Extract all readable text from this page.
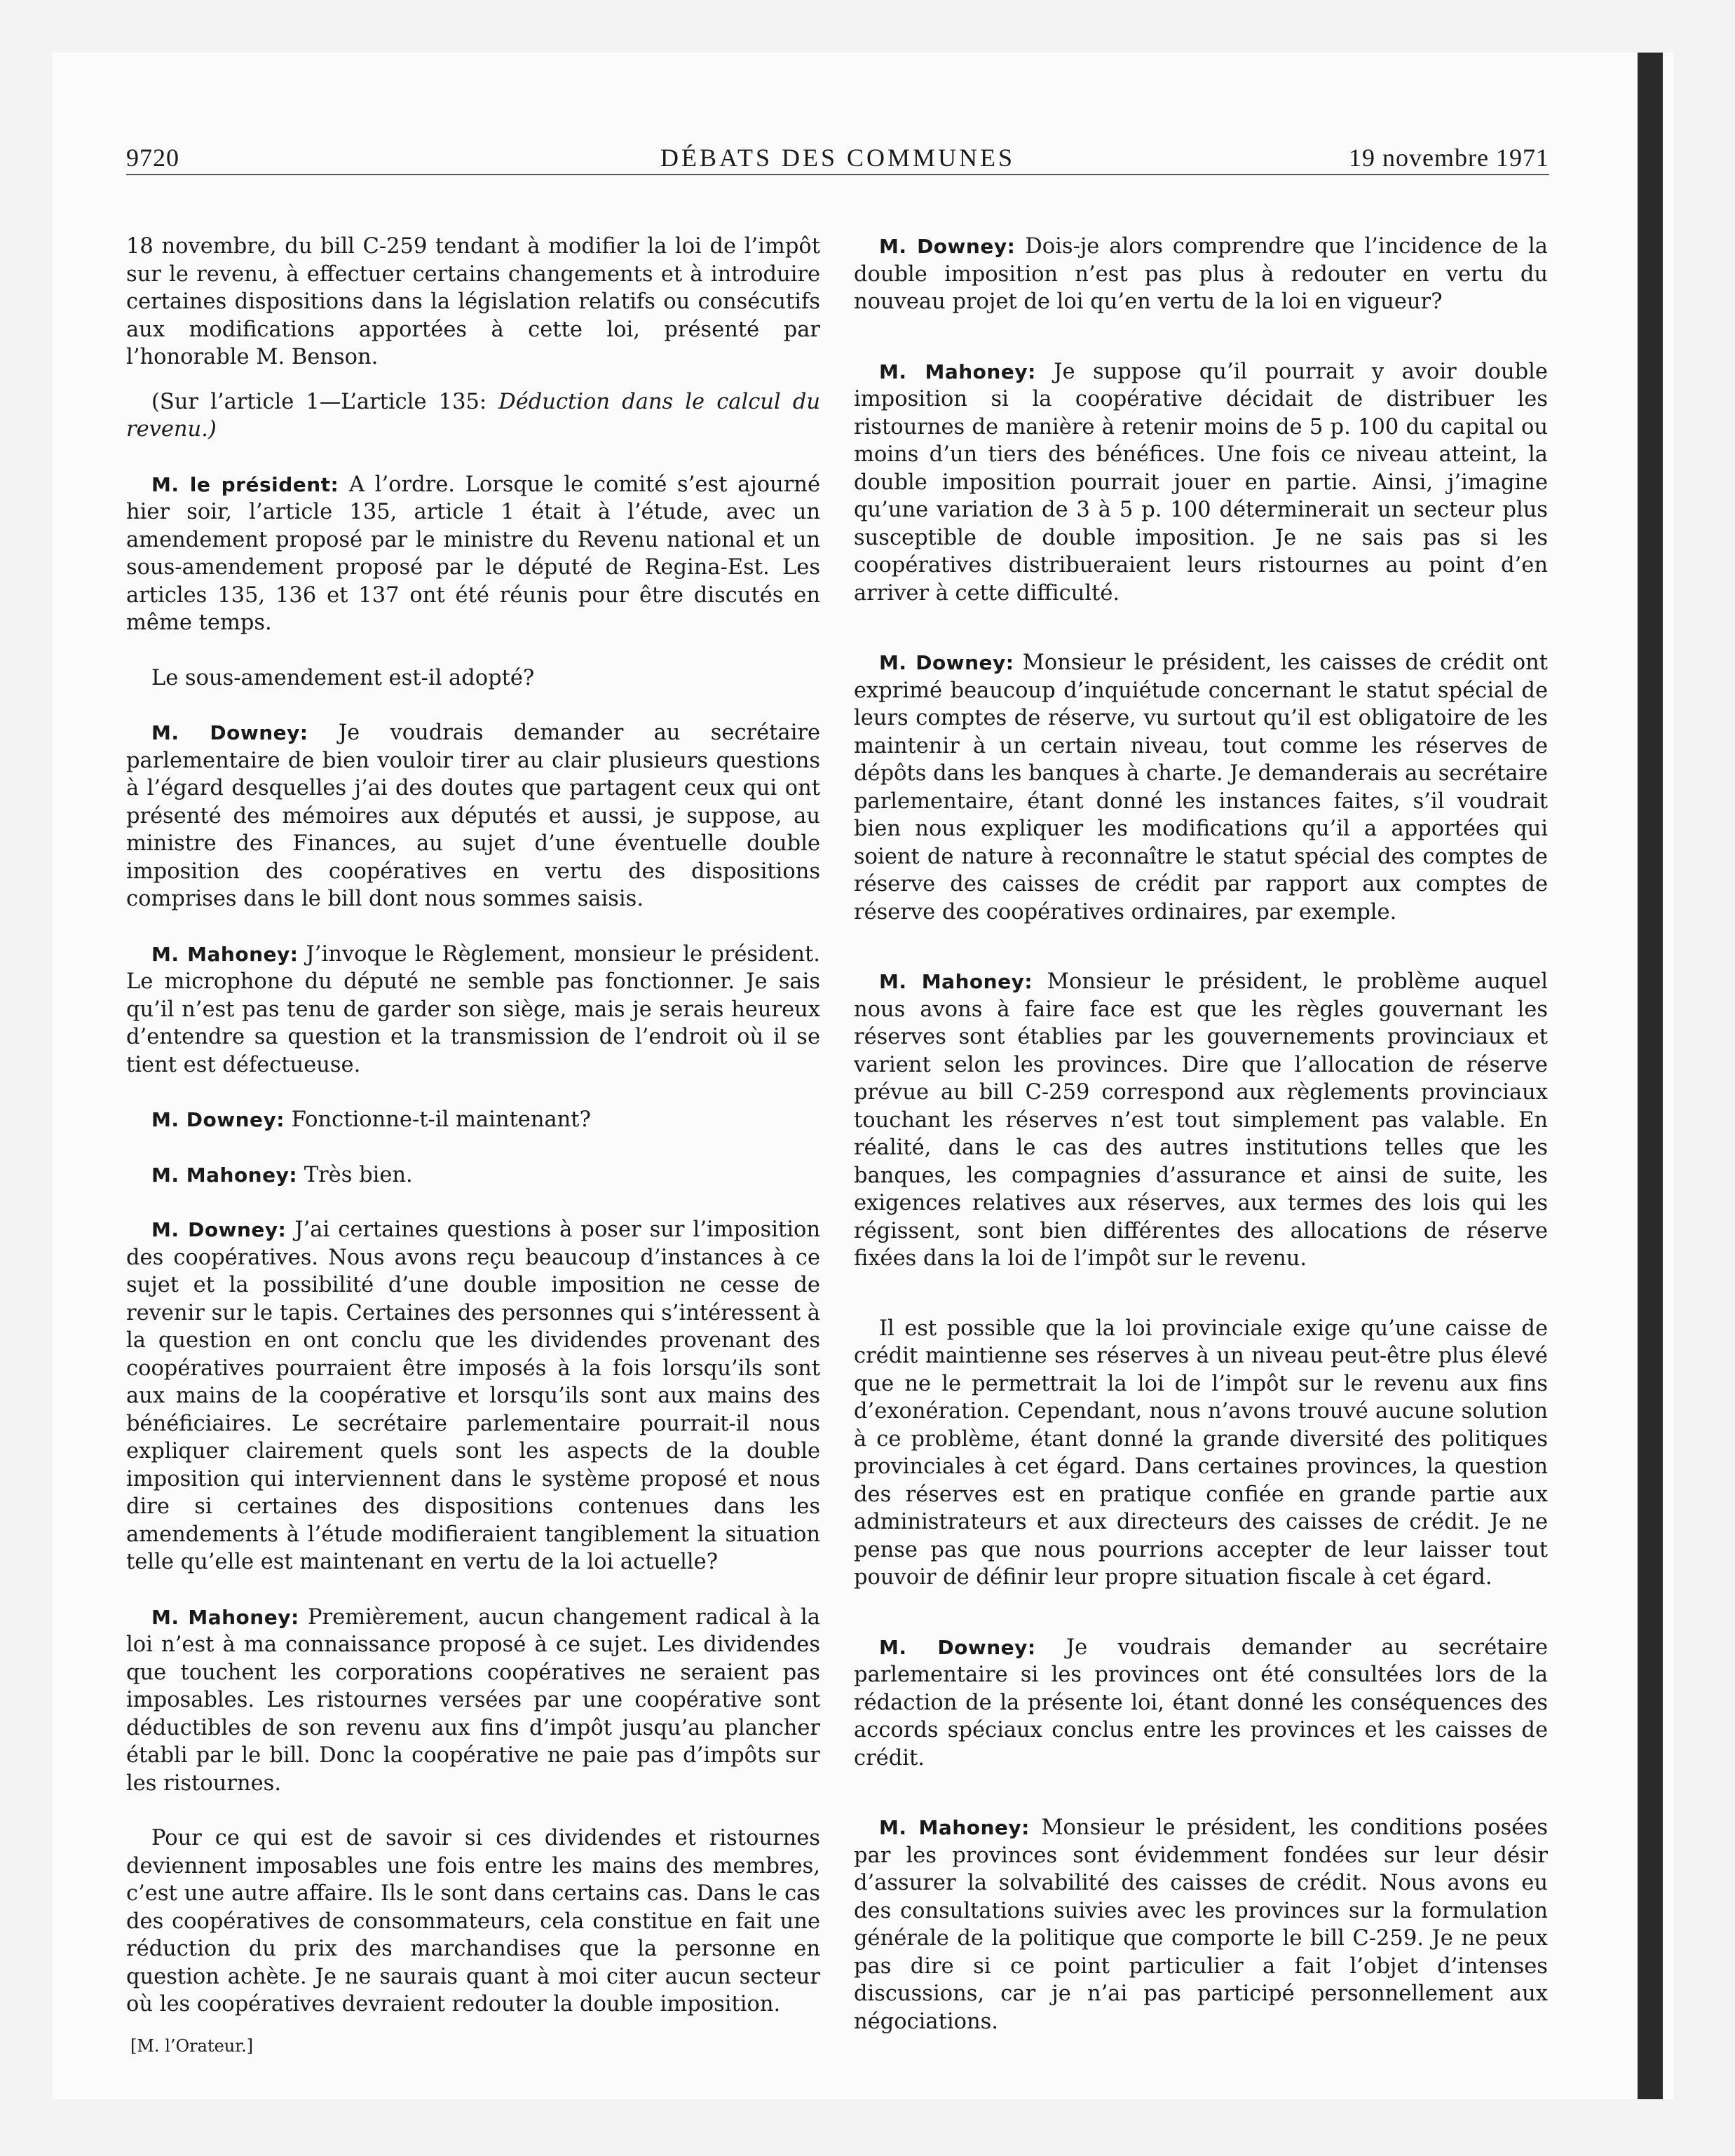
9720	DÉBATS DES COMMUNES	19 novembre 1971

18 novembre, du bill C-259 tendant à modifier la loi de l’impôt sur le revenu, à effectuer certains changements et à introduire certaines dispositions dans la législation relatifs ou consécutifs aux modifications apportées à cette loi, présenté par l’honorable M. Benson.

(Sur l’article 1—L’article 135: Déduction dans le calcul du revenu.)

M. le président: A l’ordre. Lorsque le comité s’est ajourné hier soir, l’article 135, article 1 était à l’étude, avec un amendement proposé par le ministre du Revenu national et un sous-amendement proposé par le député de Regina-Est. Les articles 135, 136 et 137 ont été réunis pour être discutés en même temps.

Le sous-amendement est-il adopté?

M. Downey: Je voudrais demander au secrétaire parlementaire de bien vouloir tirer au clair plusieurs questions à l’égard desquelles j’ai des doutes que partagent ceux qui ont présenté des mémoires aux députés et aussi, je suppose, au ministre des Finances, au sujet d’une éventuelle double imposition des coopératives en vertu des dispositions comprises dans le bill dont nous sommes saisis.

M. Mahoney: J’invoque le Règlement, monsieur le président. Le microphone du député ne semble pas fonctionner. Je sais qu’il n’est pas tenu de garder son siège, mais je serais heureux d’entendre sa question et la transmission de l’endroit où il se tient est défectueuse.

M. Downey: Fonctionne-t-il maintenant?

M. Mahoney: Très bien.

M. Downey: J’ai certaines questions à poser sur l’imposition des coopératives. Nous avons reçu beaucoup d’instances à ce sujet et la possibilité d’une double imposition ne cesse de revenir sur le tapis. Certaines des personnes qui s’intéressent à la question en ont conclu que les dividendes provenant des coopératives pourraient être imposés à la fois lorsqu’ils sont aux mains de la coopérative et lorsqu’ils sont aux mains des bénéficiaires. Le secrétaire parlementaire pourrait-il nous expliquer clairement quels sont les aspects de la double imposition qui interviennent dans le système proposé et nous dire si certaines des dispositions contenues dans les amendements à l’étude modifieraient tangiblement la situation telle qu’elle est maintenant en vertu de la loi actuelle?

M. Mahoney: Premièrement, aucun changement radical à la loi n’est à ma connaissance proposé à ce sujet. Les dividendes que touchent les corporations coopératives ne seraient pas imposables. Les ristournes versées par une coopérative sont déductibles de son revenu aux fins d’impôt jusqu’au plancher établi par le bill. Donc la coopérative ne paie pas d’impôts sur les ristournes.

Pour ce qui est de savoir si ces dividendes et ristournes deviennent imposables une fois entre les mains des membres, c’est une autre affaire. Ils le sont dans certains cas. Dans le cas des coopératives de consommateurs, cela constitue en fait une réduction du prix des marchandises que la personne en question achète. Je ne saurais quant à moi citer aucun secteur où les coopératives devraient redouter la double imposition.

[M. l’Orateur.]

M. Downey: Dois-je alors comprendre que l’incidence de la double imposition n’est pas plus à redouter en vertu du nouveau projet de loi qu’en vertu de la loi en vigueur?

M. Mahoney: Je suppose qu’il pourrait y avoir double imposition si la coopérative décidait de distribuer les ristournes de manière à retenir moins de 5 p. 100 du capital ou moins d’un tiers des bénéfices. Une fois ce niveau atteint, la double imposition pourrait jouer en partie. Ainsi, j’imagine qu’une variation de 3 à 5 p. 100 déterminerait un secteur plus susceptible de double imposition. Je ne sais pas si les coopératives distribueraient leurs ristournes au point d’en arriver à cette difficulté.

M. Downey: Monsieur le président, les caisses de crédit ont exprimé beaucoup d’inquiétude concernant le statut spécial de leurs comptes de réserve, vu surtout qu’il est obligatoire de les maintenir à un certain niveau, tout comme les réserves de dépôts dans les banques à charte. Je demanderais au secrétaire parlementaire, étant donné les instances faites, s’il voudrait bien nous expliquer les modifications qu’il a apportées qui soient de nature à reconnaître le statut spécial des comptes de réserve des caisses de crédit par rapport aux comptes de réserve des coopératives ordinaires, par exemple.

M. Mahoney: Monsieur le président, le problème auquel nous avons à faire face est que les règles gouvernant les réserves sont établies par les gouvernements provinciaux et varient selon les provinces. Dire que l’allocation de réserve prévue au bill C-259 correspond aux règlements provinciaux touchant les réserves n’est tout simplement pas valable. En réalité, dans le cas des autres institutions telles que les banques, les compagnies d’assurance et ainsi de suite, les exigences relatives aux réserves, aux termes des lois qui les régissent, sont bien différentes des allocations de réserve fixées dans la loi de l’impôt sur le revenu.

Il est possible que la loi provinciale exige qu’une caisse de crédit maintienne ses réserves à un niveau peut-être plus élevé que ne le permettrait la loi de l’impôt sur le revenu aux fins d’exonération. Cependant, nous n’avons trouvé aucune solution à ce problème, étant donné la grande diversité des politiques provinciales à cet égard. Dans certaines provinces, la question des réserves est en pratique confiée en grande partie aux administrateurs et aux directeurs des caisses de crédit. Je ne pense pas que nous pourrions accepter de leur laisser tout pouvoir de définir leur propre situation fiscale à cet égard.

M. Downey: Je voudrais demander au secrétaire parlementaire si les provinces ont été consultées lors de la rédaction de la présente loi, étant donné les conséquences des accords spéciaux conclus entre les provinces et les caisses de crédit.

M. Mahoney: Monsieur le président, les conditions posées par les provinces sont évidemment fondées sur leur désir d’assurer la solvabilité des caisses de crédit. Nous avons eu des consultations suivies avec les provinces sur la formulation générale de la politique que comporte le bill C-259. Je ne peux pas dire si ce point particulier a fait l’objet d’intenses discussions, car je n’ai pas participé personnellement aux négociations.
